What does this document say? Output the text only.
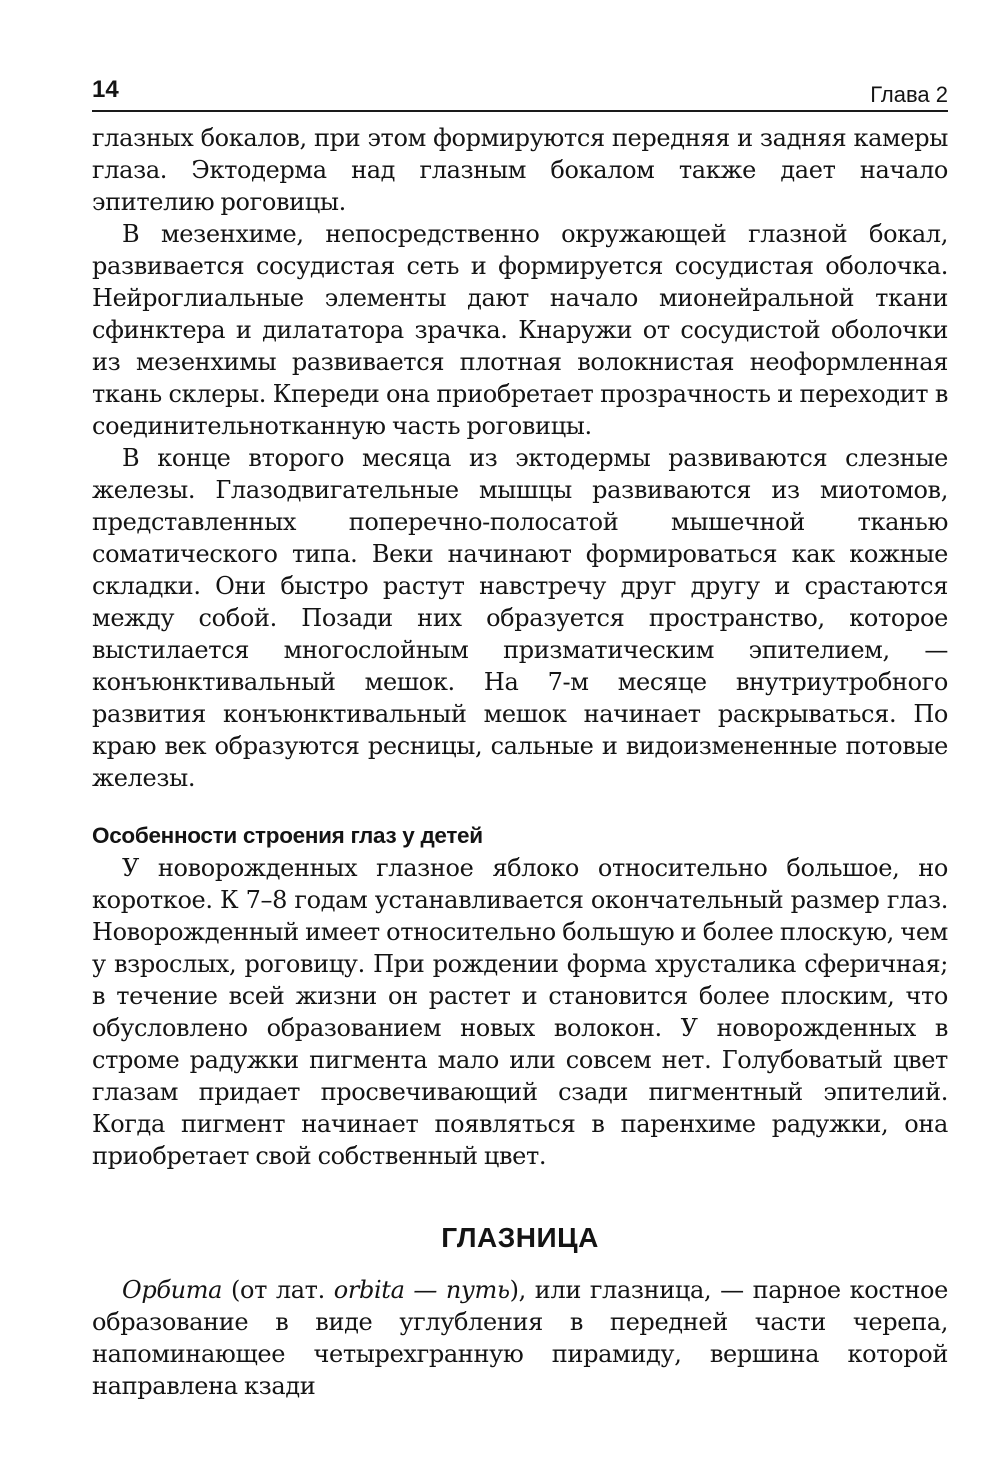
14	Глава 2

глазных бокалов, при этом формируются передняя и задняя камеры глаза. Эктодерма над глазным бокалом также дает начало эпителию роговицы.

В мезенхиме, непосредственно окружающей глазной бокал, развивается сосудистая сеть и формируется сосудистая оболочка. Нейроглиальные элементы дают начало мионейральной ткани сфинктера и дилататора зрачка. Кнаружи от сосудистой оболочки из мезенхимы развивается плотная волокнистая неоформленная ткань склеры. Кпереди она приобретает прозрачность и переходит в соединительнотканную часть роговицы.

В конце второго месяца из эктодермы развиваются слезные железы. Глазодвигательные мышцы развиваются из миотомов, представленных поперечно-полосатой мышечной тканью соматического типа. Веки начинают формироваться как кожные складки. Они быстро растут навстречу друг другу и срастаются между собой. Позади них образуется пространство, которое выстилается многослойным призматическим эпителием, — конъюнктивальный мешок. На 7-м месяце внутриутробного развития конъюнктивальный мешок начинает раскрываться. По краю век образуются ресницы, сальные и видоизмененные потовые железы.

Особенности строения глаз у детей

У новорожденных глазное яблоко относительно большое, но короткое. К 7–8 годам устанавливается окончательный размер глаз. Новорожденный имеет относительно большую и более плоскую, чем у взрослых, роговицу. При рождении форма хрусталика сферичная; в течение всей жизни он растет и становится более плоским, что обусловлено образованием новых волокон. У новорожденных в строме радужки пигмента мало или совсем нет. Голубоватый цвет глазам придает просвечивающий сзади пигментный эпителий. Когда пигмент начинает появляться в паренхиме радужки, она приобретает свой собственный цвет.

ГЛАЗНИЦА

Орбита (от лат. orbita — путь), или глазница, — парное костное образование в виде углубления в передней части черепа, напоминающее четырехгранную пирамиду, вершина которой направлена кзади
